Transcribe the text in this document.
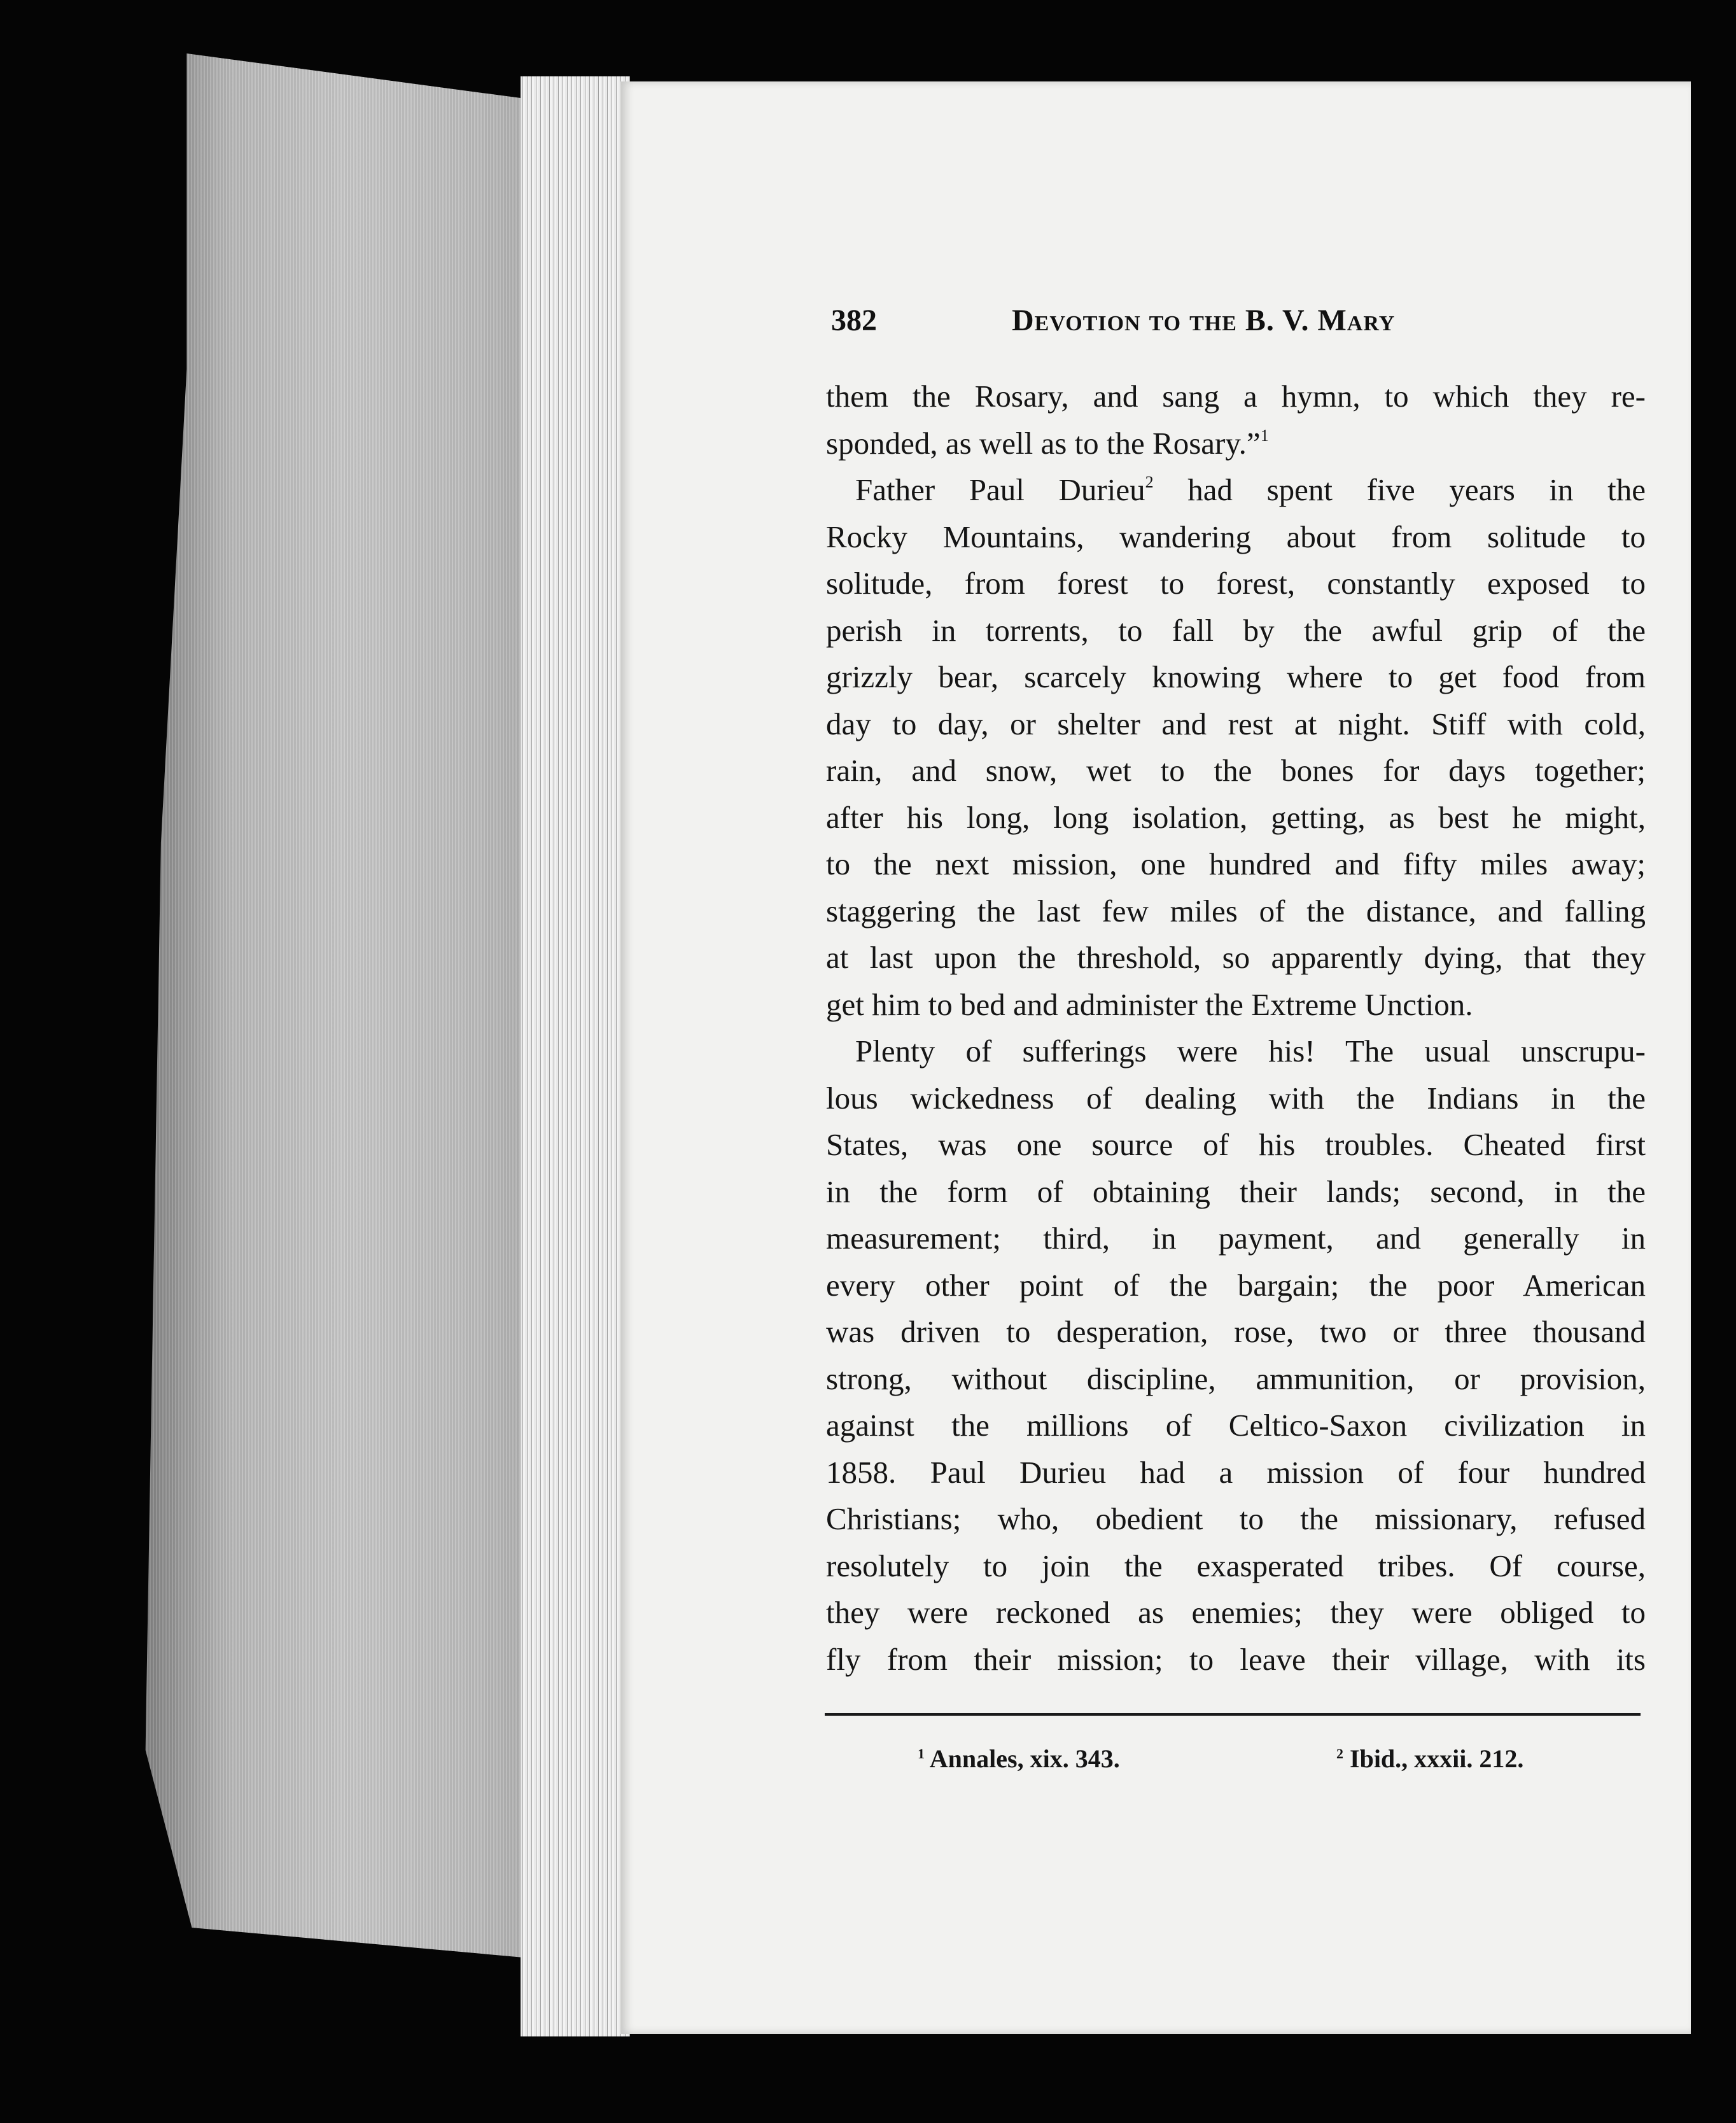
382	Devotion to the B. V. Mary
them the Rosary, and sang a hymn, to which they re-
sponded, as well as to the Rosary.”$^1$
Father Paul Durieu$^2$ had spent five years in the
Rocky Mountains, wandering about from solitude to
solitude, from forest to forest, constantly exposed to
perish in torrents, to fall by the awful grip of the
grizzly bear, scarcely knowing where to get food from
day to day, or shelter and rest at night. Stiff with cold,
rain, and snow, wet to the bones for days together;
after his long, long isolation, getting, as best he might,
to the next mission, one hundred and fifty miles away;
staggering the last few miles of the distance, and falling
at last upon the threshold, so apparently dying, that they
get him to bed and administer the Extreme Unction.
Plenty of sufferings were his! The usual unscrupu-
lous wickedness of dealing with the Indians in the
States, was one source of his troubles. Cheated first
in the form of obtaining their lands; second, in the
measurement; third, in payment, and generally in
every other point of the bargain; the poor American
was driven to desperation, rose, two or three thousand
strong, without discipline, ammunition, or provision,
against the millions of Celtico-Saxon civilization in
1858. Paul Durieu had a mission of four hundred
Christians; who, obedient to the missionary, refused
resolutely to join the exasperated tribes. Of course,
they were reckoned as enemies; they were obliged to
fly from their mission; to leave their village, with its
$^1$ Annales, xix. 343.	$^2$ Ibid., xxxii. 212.
